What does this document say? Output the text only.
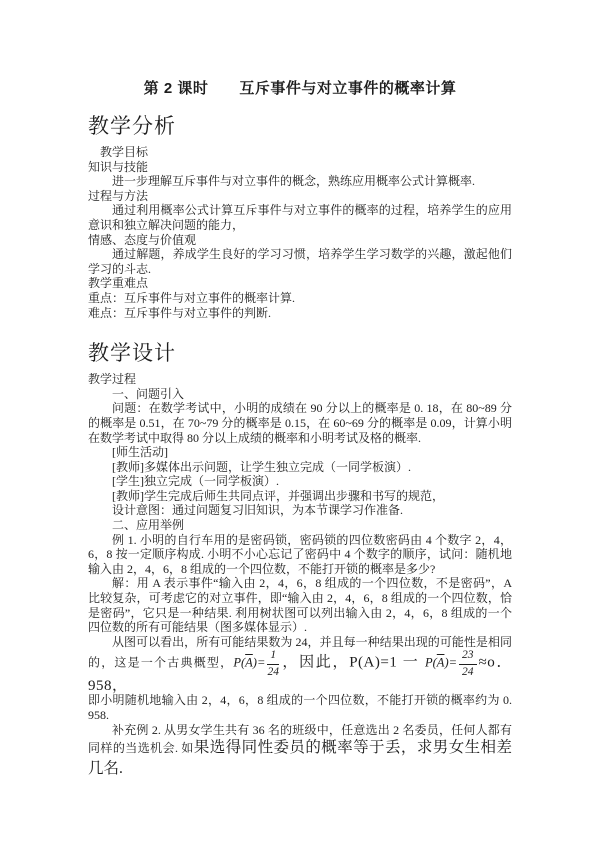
第 2 课时　　互斥事件与对立事件的概率计算

教学分析

教学目标

知识与技能

进一步理解互斥事件与对立事件的概念，熟练应用概率公式计算概率.

过程与方法

通过利用概率公式计算互斥事件与对立事件的概率的过程，培养学生的应用意识和独立解决问题的能力，

情感、态度与价值观

通过解题，养成学生良好的学习习惯，培养学生学习数学的兴趣，激起他们学习的斗志.

教学重难点

重点：互斥事件与对立事件的概率计算.

难点：互斥事件与对立事件的判断.

教学设计

教学过程

一、问题引入

问题：在数学考试中，小明的成绩在 90 分以上的概率是 0. 18，在 80~89 分的概率是 0.51，在 70~79 分的概率是 0.15，在 60~69 分的概率是 0.09，计算小明在数学考试中取得 80 分以上成绩的概率和小明考试及格的概率.

[师生活动]

[教师]多媒体出示问题，让学生独立完成（一同学板演）.

[学生]独立完成（一同学板演）.

[教师]学生完成后师生共同点评，并强调出步骤和书写的规范，

设计意图：通过问题复习旧知识，为本节课学习作准备.

二、应用举例

例 1. 小明的自行车用的是密码锁，密码锁的四位数密码由 4 个数字 2，4，6，8 按一定顺序构成. 小明不小心忘记了密码中 4 个数字的顺序，试问：随机地输入由 2，4，6，8 组成的一个四位数，不能打开锁的概率是多少?

解：用 A 表示事件“输入由 2，4，6，8 组成的一个四位数，不是密码”，A 比较复杂，可考虑它的对立事件，即“输入由 2，4，6，8 组成的一个四位数，恰是密码”，它只是一种结果. 利用树状图可以列出输入由 2，4，6，8 组成的一个四位数的所有可能结果（图多媒体显示）.

从图可以看出，所有可能结果数为 24，并且每一种结果出现的可能性是相同的，这是一个古典概型，$P(\overline{A})= \frac{1}{24}$ ，因此，P(A)=1 一 $P(\overline{A})= \frac{23}{24} \approx o$．958，

即小明随机地输入由 2，4，6，8 组成的一个四位数，不能打开锁的概率约为 0. 958.

补充例 2. 从男女学生共有 36 名的班级中，任意选出 2 名委员，任何人都有同样的当选机会. 如果选得同性委员的概率等于丢，求男女生相差几名.
